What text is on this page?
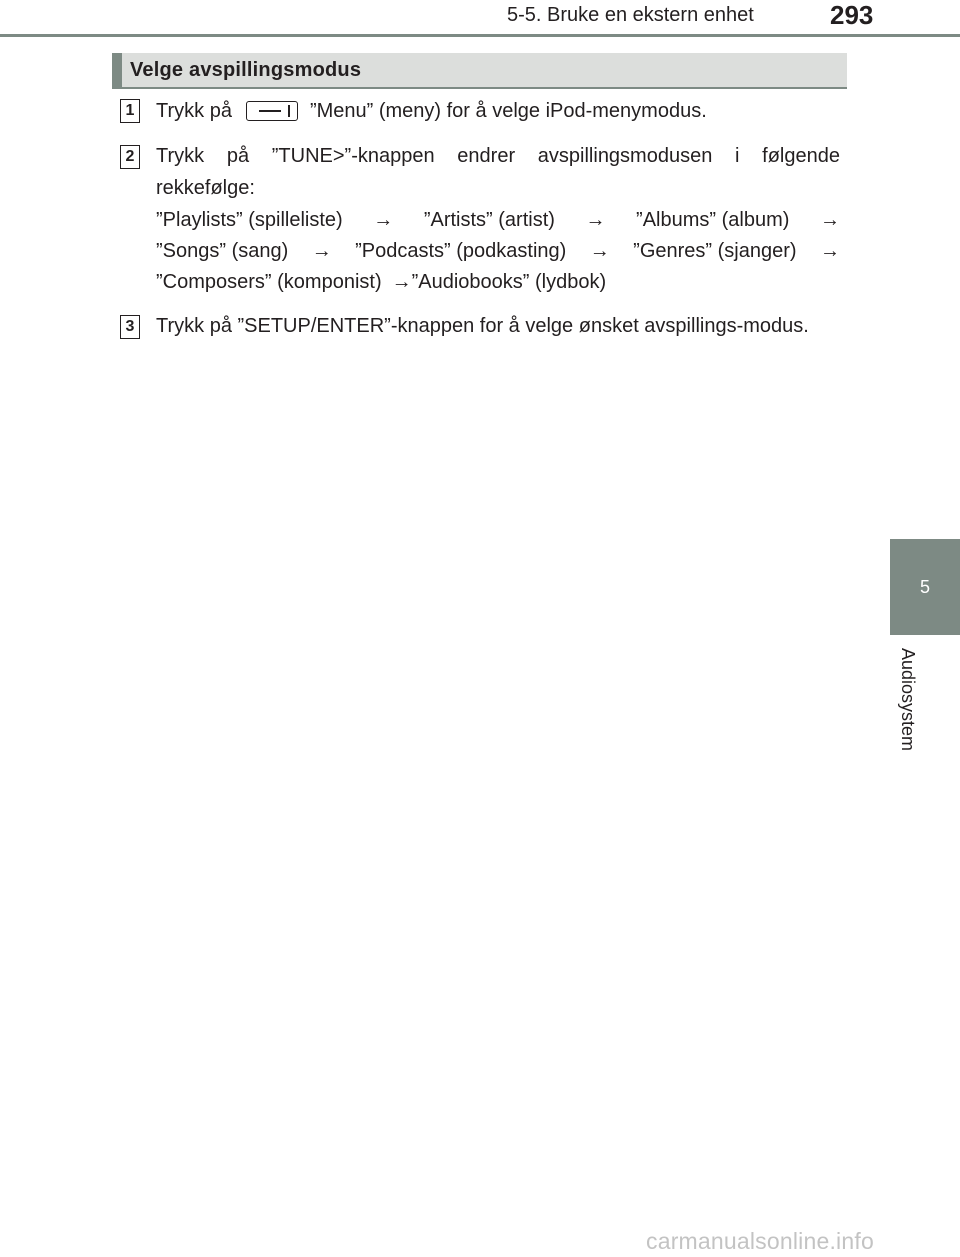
5-5. Bruke en ekstern enhet	293
5
Audiosystem
Velge avspillingsmodus
1 Trykk på	”Menu” (meny) for å velge iPod-menymodus.
2 Trykk på ”TUNE>”-knappen endrer avspillingsmodusen i følgende rekkefølge:
”Playlists” (spilleliste) → ”Artists” (artist) → ”Albums” (album) →
”Songs” (sang) → ”Podcasts” (podkasting) → ”Genres” (sjanger) →
”Composers” (komponist) → ”Audiobooks” (lydbok)
3 Trykk på ”SETUP/ENTER”-knappen for å velge ønsket avspillings-modus.
carmanualsonline.info
